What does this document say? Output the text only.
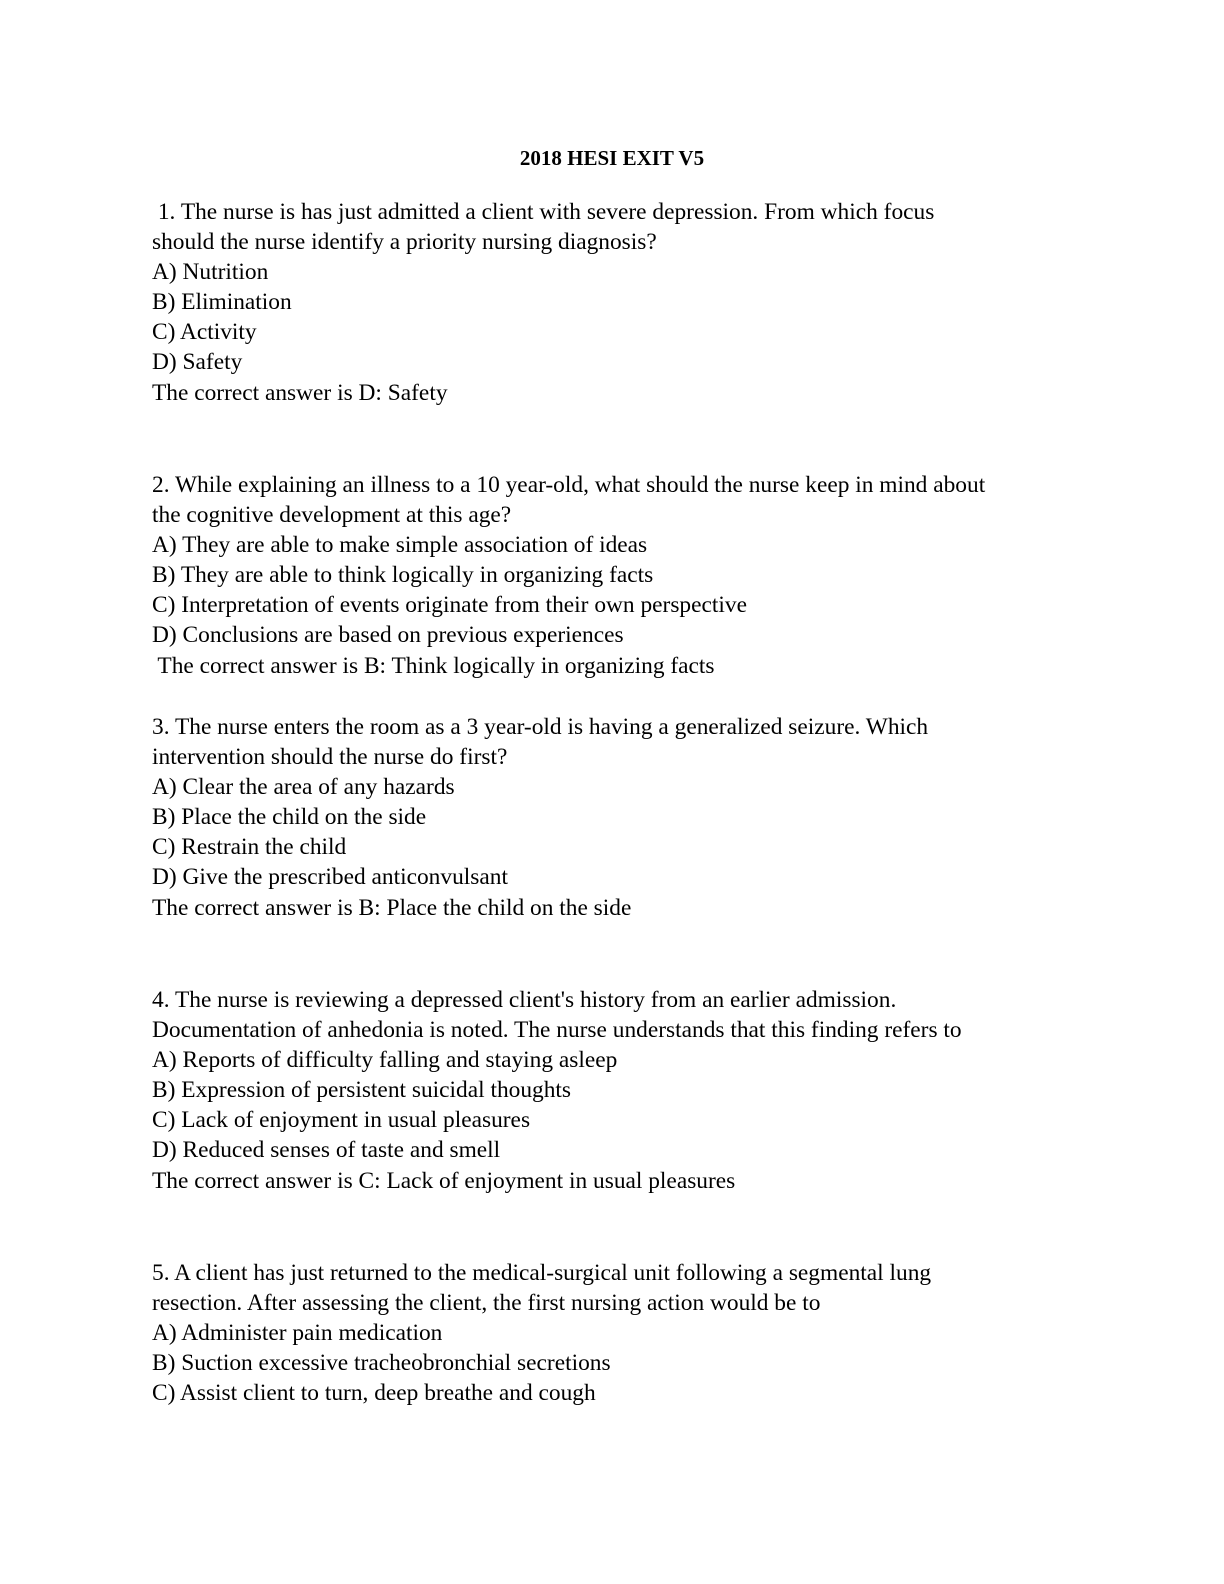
2018 HESI EXIT V5
1. The nurse is has just admitted a client with severe depression. From which focus
should the nurse identify a priority nursing diagnosis?
A) Nutrition
B) Elimination
C) Activity
D) Safety
The correct answer is D: Safety
2. While explaining an illness to a 10 year-old, what should the nurse keep in mind about
the cognitive development at this age?
A) They are able to make simple association of ideas
B) They are able to think logically in organizing facts
C) Interpretation of events originate from their own perspective
D) Conclusions are based on previous experiences
The correct answer is B: Think logically in organizing facts
3. The nurse enters the room as a 3 year-old is having a generalized seizure. Which
intervention should the nurse do first?
A) Clear the area of any hazards
B) Place the child on the side
C) Restrain the child
D) Give the prescribed anticonvulsant
The correct answer is B: Place the child on the side
4. The nurse is reviewing a depressed client's history from an earlier admission.
Documentation of anhedonia is noted. The nurse understands that this finding refers to
A) Reports of difficulty falling and staying asleep
B) Expression of persistent suicidal thoughts
C) Lack of enjoyment in usual pleasures
D) Reduced senses of taste and smell
The correct answer is C: Lack of enjoyment in usual pleasures
5. A client has just returned to the medical-surgical unit following a segmental lung
resection. After assessing the client, the first nursing action would be to
A) Administer pain medication
B) Suction excessive tracheobronchial secretions
C) Assist client to turn, deep breathe and cough
